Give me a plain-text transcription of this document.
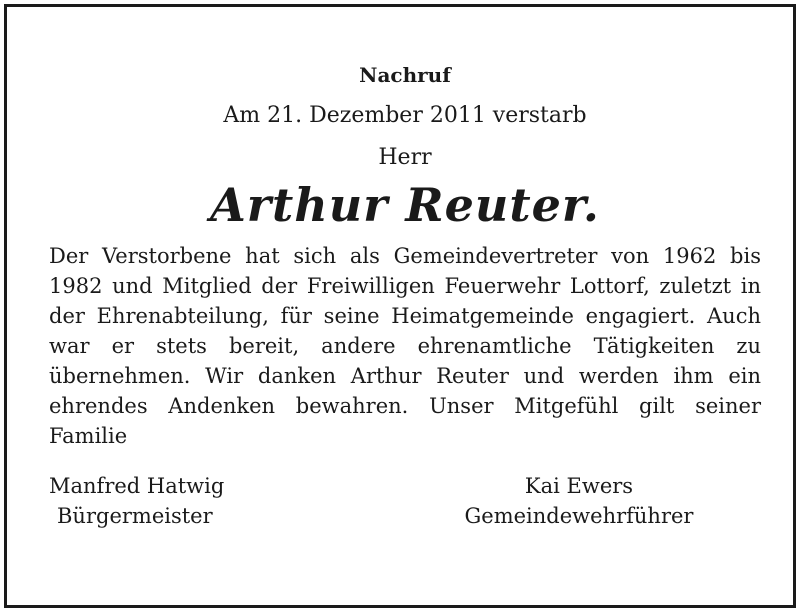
Nachruf
Am 21. Dezember 2011 verstarb
Herr
Arthur Reuter.

Der Verstorbene hat sich als Gemeindevertreter von 1962 bis 1982 und Mitglied der Freiwilligen Feuerwehr Lottorf, zuletzt in der Ehrenabteilung, für seine Heimatgemeinde engagiert. Auch war er stets bereit, andere ehrenamtliche Tätigkeiten zu übernehmen. Wir danken Arthur Reuter und werden ihm ein ehrendes Andenken bewahren. Unser Mitgefühl gilt seiner Familie

Manfred Hatwig
Bürgermeister
Kai Ewers
Gemeindewehrführer
